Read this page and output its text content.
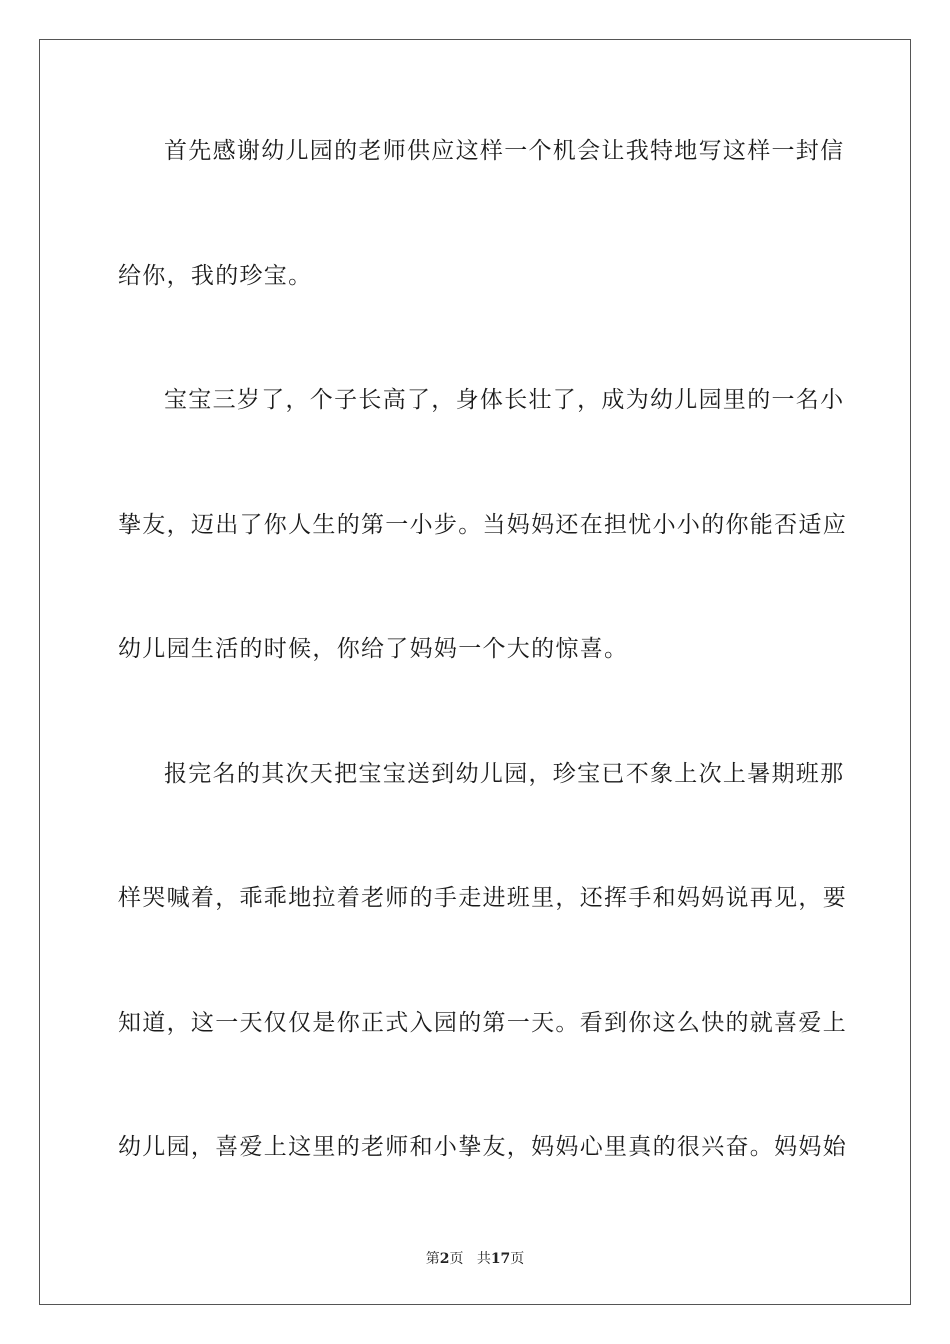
首先感谢幼儿园的老师供应这样一个机会让我特地写这样一封信
给你，我的珍宝。
宝宝三岁了，个子长高了，身体长壮了，成为幼儿园里的一名小
挚友，迈出了你人生的第一小步。当妈妈还在担忧小小的你能否适应
幼儿园生活的时候，你给了妈妈一个大的惊喜。
报完名的其次天把宝宝送到幼儿园，珍宝已不象上次上暑期班那
样哭喊着，乖乖地拉着老师的手走进班里，还挥手和妈妈说再见，要
知道，这一天仅仅是你正式入园的第一天。看到你这么快的就喜爱上
幼儿园，喜爱上这里的老师和小挚友，妈妈心里真的很兴奋。妈妈始
第2页 共17页
